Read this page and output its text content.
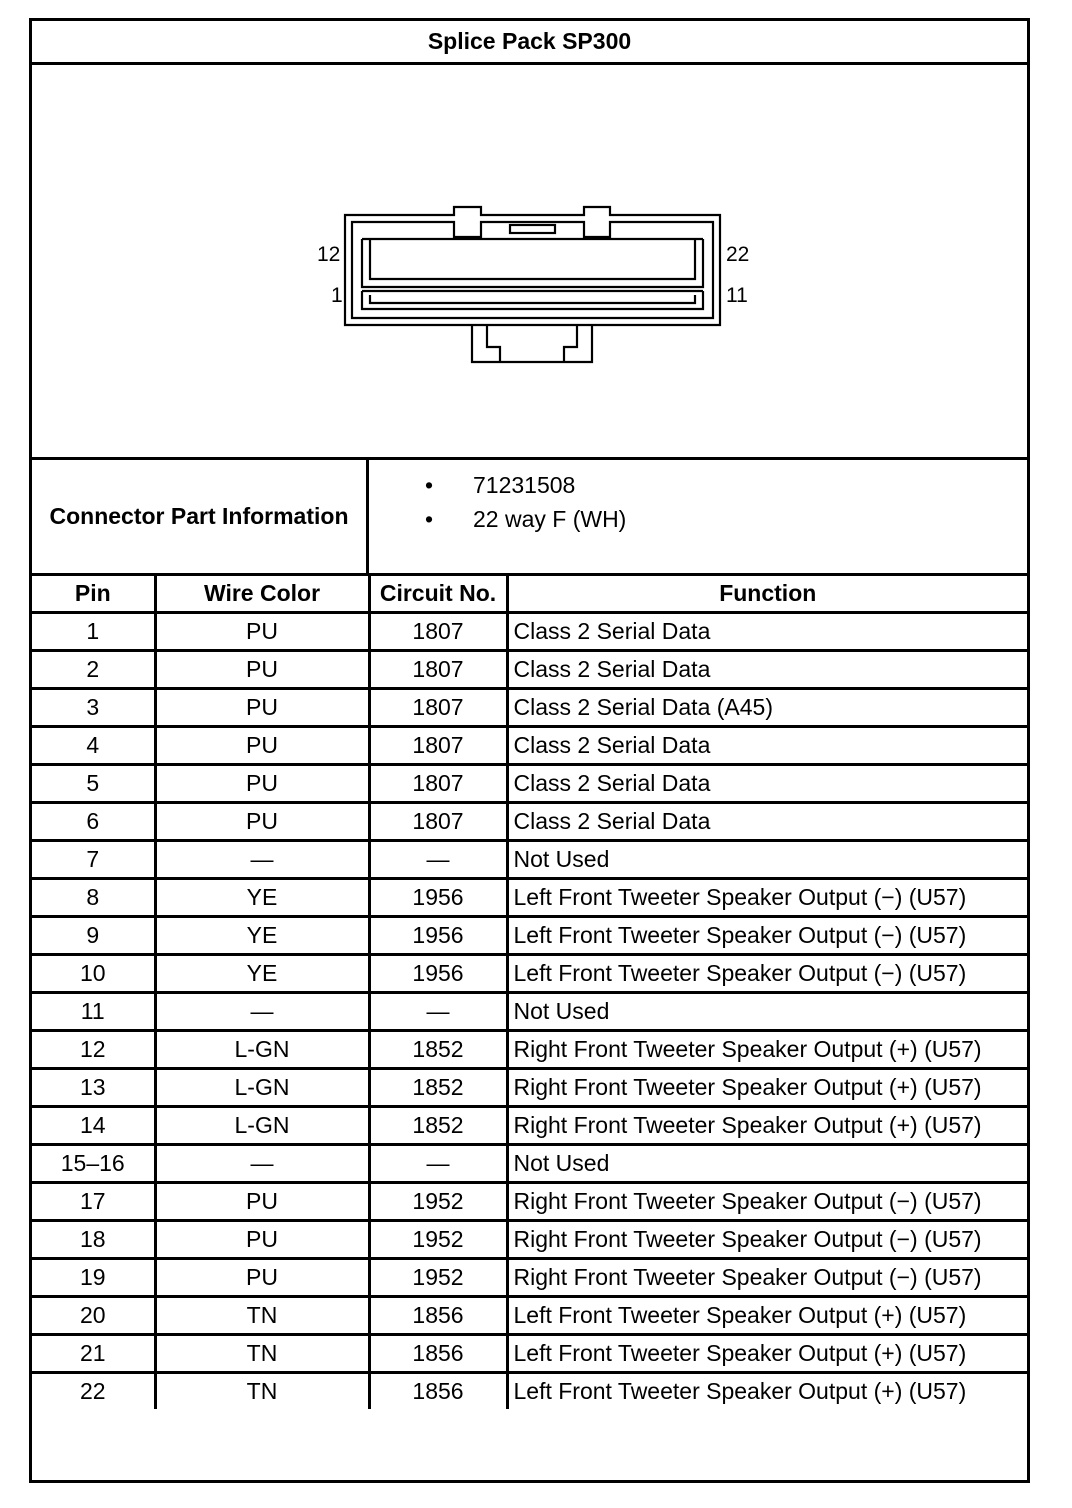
Splice Pack SP300
12	22
1	11
Connector Part Information
• 71231508
• 22 way F (WH)
Pin	Wire Color	Circuit No.	Function
1	PU	1807	Class 2 Serial Data
2	PU	1807	Class 2 Serial Data
3	PU	1807	Class 2 Serial Data (A45)
4	PU	1807	Class 2 Serial Data
5	PU	1807	Class 2 Serial Data
6	PU	1807	Class 2 Serial Data
7	—	—	Not Used
8	YE	1956	Left Front Tweeter Speaker Output (−) (U57)
9	YE	1956	Left Front Tweeter Speaker Output (−) (U57)
10	YE	1956	Left Front Tweeter Speaker Output (−) (U57)
11	—	—	Not Used
12	L-GN	1852	Right Front Tweeter Speaker Output (+) (U57)
13	L-GN	1852	Right Front Tweeter Speaker Output (+) (U57)
14	L-GN	1852	Right Front Tweeter Speaker Output (+) (U57)
15–16	—	—	Not Used
17	PU	1952	Right Front Tweeter Speaker Output (−) (U57)
18	PU	1952	Right Front Tweeter Speaker Output (−) (U57)
19	PU	1952	Right Front Tweeter Speaker Output (−) (U57)
20	TN	1856	Left Front Tweeter Speaker Output (+) (U57)
21	TN	1856	Left Front Tweeter Speaker Output (+) (U57)
22	TN	1856	Left Front Tweeter Speaker Output (+) (U57)
